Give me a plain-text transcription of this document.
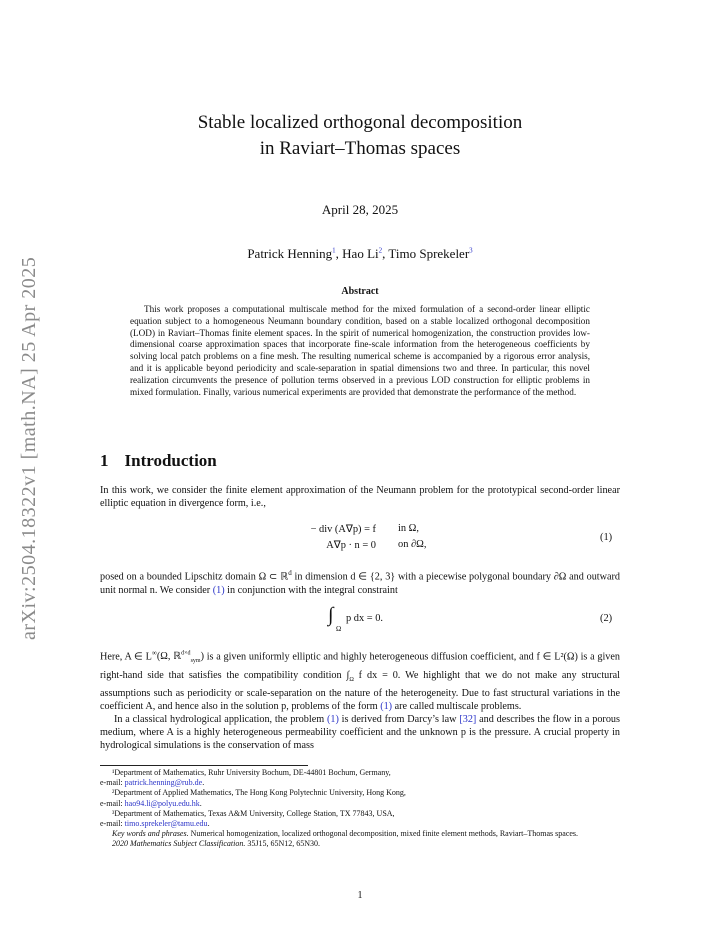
arXiv:2504.18322v1 [math.NA] 25 Apr 2025
Stable localized orthogonal decomposition
in Raviart–Thomas spaces
April 28, 2025
Patrick Henning$^1$, Hao Li$^2$, Timo Sprekeler$^3$
Abstract
This work proposes a computational multiscale method for the mixed formulation of a second-order linear elliptic equation subject to a homogeneous Neumann boundary condition, based on a stable localized orthogonal decomposition (LOD) in Raviart–Thomas finite element spaces. In the spirit of numerical homogenization, the construction provides low-dimensional coarse approximation spaces that incorporate fine-scale information from the heterogeneous coefficients by solving local patch problems on a fine mesh. The resulting numerical scheme is accompanied by a rigorous error analysis, and it is applicable beyond periodicity and scale-separation in spatial dimensions two and three. In particular, this novel realization circumvents the presence of pollution terms observed in a previous LOD construction for elliptic problems in mixed formulation. Finally, various numerical experiments are provided that demonstrate the performance of the method.
1 Introduction
In this work, we consider the finite element approximation of the Neumann problem for the prototypical second-order linear elliptic equation in divergence form, i.e.,
− div (A∇p) = f in Ω,
A∇p · n = 0 on ∂Ω,
(1)
posed on a bounded Lipschitz domain Ω ⊂ ℝ$^d$ in dimension d ∈ {2, 3} with a piecewise polygonal boundary ∂Ω and outward unit normal n. We consider (1) in conjunction with the integral constraint
∫
Ω
p dx = 0.	(2)
Here, A ∈ L∞(Ω, ℝ$^{d\times d}_{sym}$) is a given uniformly elliptic and highly heterogeneous diffusion coefficient, and f ∈ L²(Ω) is a given right-hand side that satisfies the compatibility condition $\int_\Omega$ f dx = 0. We highlight that we do not make any structural assumptions such as periodicity or scale-separation on the nature of the heterogeneity. Due to fast structural variations in the coefficient A, and hence also in the solution p, problems of the form (1) are called multiscale problems.
In a classical hydrological application, the problem (1) is derived from Darcy’s law [32] and describes the flow in a porous medium, where A is a highly heterogeneous permeability coefficient and the unknown p is the pressure. A crucial property in hydrological simulations is the conservation of mass
¹Department of Mathematics, Ruhr University Bochum, DE-44801 Bochum, Germany,
e-mail: patrick.henning@rub.de.
²Department of Applied Mathematics, The Hong Kong Polytechnic University, Hong Kong,
e-mail: hao94.li@polyu.edu.hk.
³Department of Mathematics, Texas A&M University, College Station, TX 77843, USA,
e-mail: timo.sprekeler@tamu.edu.
Key words and phrases. Numerical homogenization, localized orthogonal decomposition, mixed finite element methods, Raviart–Thomas spaces.
2020 Mathematics Subject Classification. 35J15, 65N12, 65N30.
1
